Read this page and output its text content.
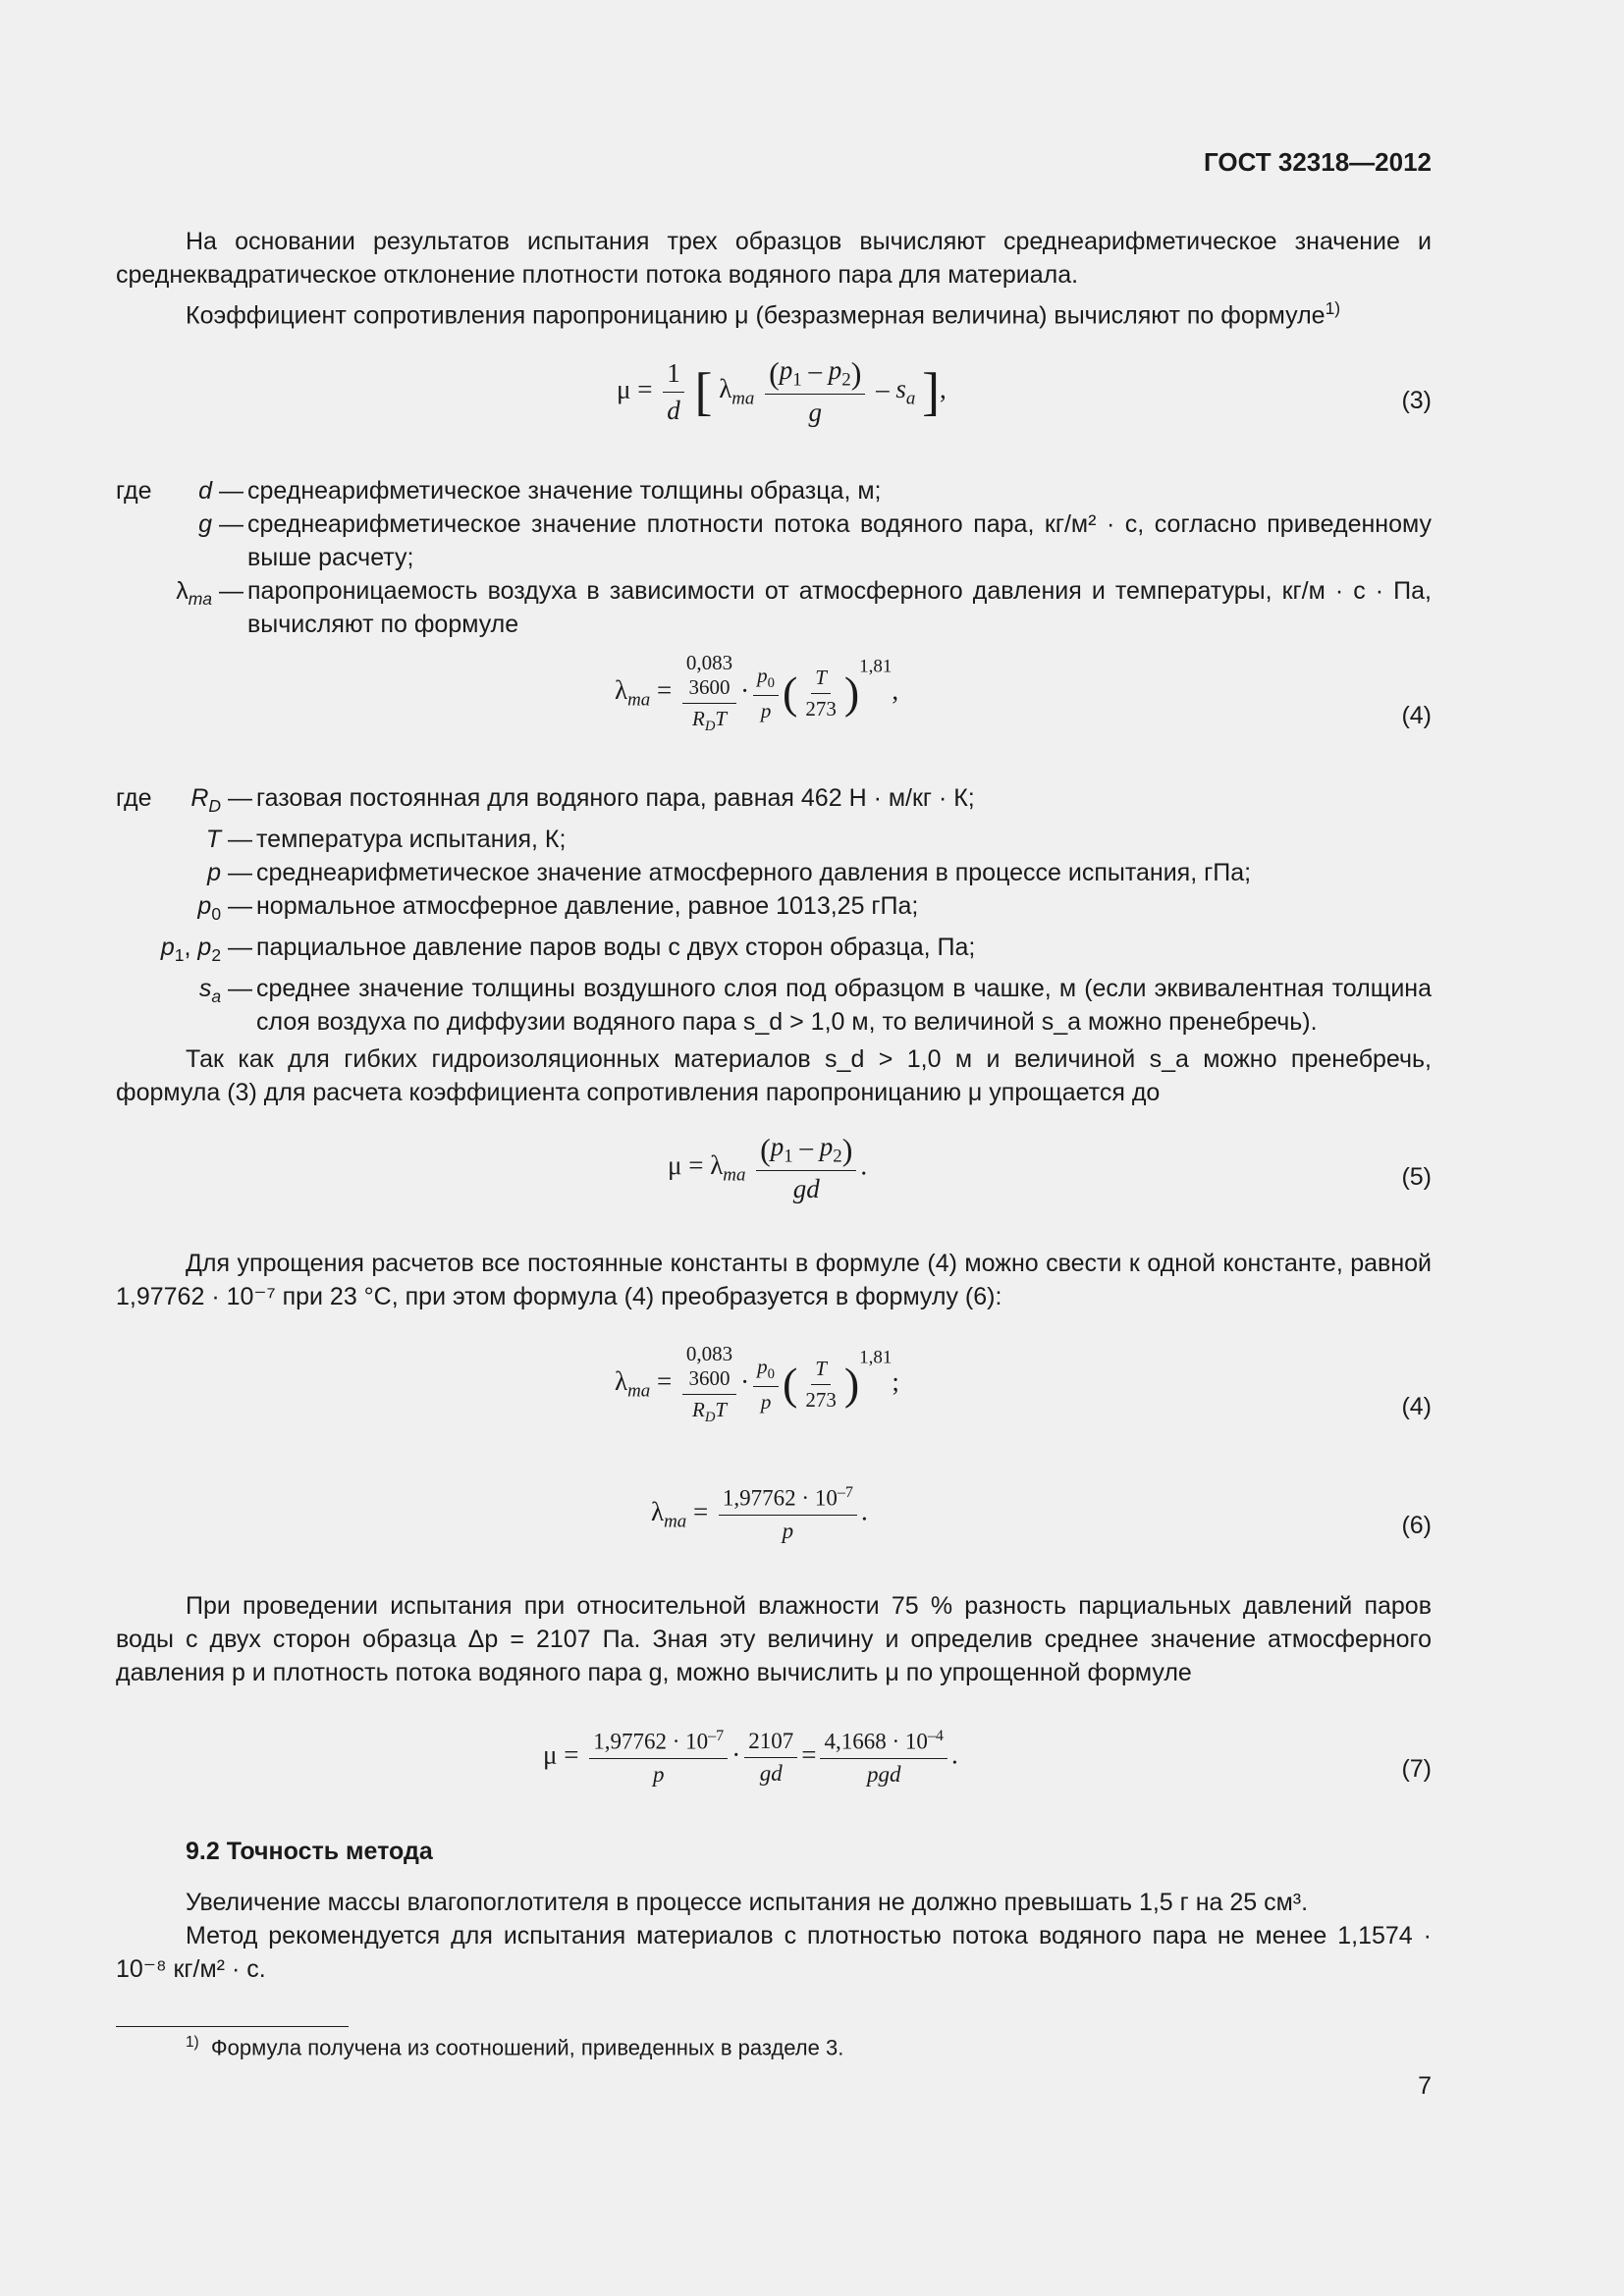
ГОСТ 32318—2012
На основании результатов испытания трех образцов вычисляют среднеарифметическое значение и среднеквадратическое отклонение плотности потока водяного пара для материала.
Коэффициент сопротивления паропроницанию μ (безразмерная величина) вычисляют по формуле$^{1)}$
$\mu = \frac{1}{d}$ [ $\lambda_{ma} \frac{(p_1 - p_2)}{g} - s_a$ ],	(3)
где d — среднеарифметическое значение толщины образца, м;
g — среднеарифметическое значение плотности потока водяного пара, кг/м² · с, согласно приведенному выше расчету;
$\lambda_{ma}$ — паропроницаемость воздуха в зависимости от атмосферного давления и температуры, кг/м · с · Па, вычисляют по формуле
$\lambda_{ma}$ =
0,083
3600
$R_DT$
· $\frac{p_0}{p}$ ( $\frac{T}{273} )^{1,81}$,
(4)
где $R_D$ — газовая постоянная для водяного пара, равная 462 Н · м/кг · К;
T — температура испытания, К;
p — среднеарифметическое значение атмосферного давления в процессе испытания, гПа;
$p_0$ — нормальное атмосферное давление, равное 1013,25 гПа;
$p_1$, $p_2$ — парциальное давление паров воды с двух сторон образца, Па;
$s_a$ — среднее значение толщины воздушного слоя под образцом в чашке, м (если эквивалентная толщина слоя воздуха по диффузии водяного пара s_d > 1,0 м, то величиной s_a можно пренебречь).
Так как для гибких гидроизоляционных материалов s_d > 1,0 м и величиной s_a можно пренебречь, формула (3) для расчета коэффициента сопротивления паропроницанию μ упрощается до
$\mu = \lambda_{ma} \frac{(p_1 - p_2)}{gd}$ .	(5)
Для упрощения расчетов все постоянные константы в формуле (4) можно свести к одной константе, равной 1,97762 · 10⁻⁷ при 23 °С, при этом формула (4) преобразуется в формулу (6):
$\lambda_{ma}$ =
0,083
3600
$R_DT$
· $\frac{p_0}{p}$ ( $\frac{T}{273} )^{1,81}$;
(4)
$\lambda_{ma} = \frac{1,97762 \cdot 10^{-7}}{p}$ .	(6)
При проведении испытания при относительной влажности 75 % разность парциальных давлений паров воды с двух сторон образца Δp = 2107 Па. Зная эту величину и определив среднее значение атмосферного давления p и плотность потока водяного пара g, можно вычислить μ по упрощенной формуле
$\mu = \frac{1,97762 \cdot 10^{-7}}{p} \cdot \frac{2107}{gd} = \frac{4,1668 \cdot 10^{-4}}{\text{pgd}}$ .	(7)
9.2 Точность метода
Увеличение массы влагопоглотителя в процессе испытания не должно превышать 1,5 г на 25 см³.
Метод рекомендуется для испытания материалов с плотностью потока водяного пара не менее 1,1574 · 10⁻⁸ кг/м² · с.
$^{1)}$ Формула получена из соотношений, приведенных в разделе 3.
7
